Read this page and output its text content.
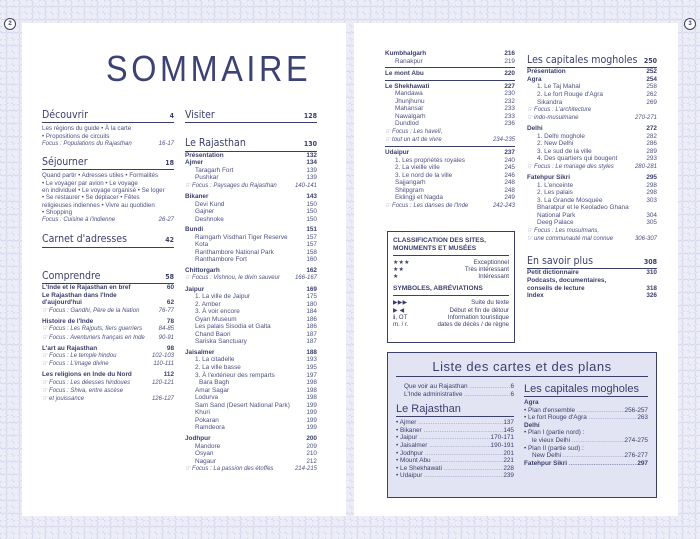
2	3
SOMMAIRE
Découvrir	4
Les régions du guide • À la carte
• Propositions de circuits
Focus : Populations du Rajasthan	16-17
Séjourner	18
Quand partir • Adresses utiles • Formalités
• Le voyager par avion • Le voyage
en individuel • Le voyage organisé • Se loger
• Se restaurer • Se déplacer • Fêtes
religieuses indiennes • Vivre au quotidien
• Shopping
Focus : Cuisine à l'indienne	26-27
Carnet d'adresses	42
Comprendre	58
L'Inde et le Rajasthan en bref	60
Le Rajasthan dans l'Inde
d'aujourd'hui	62
☞ Focus : Gandhi, Père de la Nation	76-77
Histoire de l'Inde	78
☞ Focus : Les Rajputs, fiers guerriers	84-85
☞ Focus : Aventuriers français en Inde 90-91
L'art au Rajasthan	98
☞ Focus : Le temple hindou	102-103
☞ Focus : L'image divine	110-111
Les religions en Inde du Nord	112
☞ Focus : Les déesses hindoues	120-121
☞ Focus : Shiva, entre ascèse
☞ et jouissance	126-127
Visiter	128
Le Rajasthan	130
Présentation	132
Ajmer	134
Taragarh Fort	139
Pushkar	139
☞ Focus : Paysages du Rajasthan	140-141
Bikaner	143
Devi Kund	150
Gajner	150
Deshnoke	150
Bundi	151
Ramgarh Visdhari Tiger Reserve	157
Kota	157
Ranthambore National Park	158
Ranthambore Fort	160
Chittorgarh	162
☞ Focus : Vishnou, le divin sauveur 166-167
Jaipur	169
1. La ville de Jaipur	175
2. Amber	180
3. À voir encore	184
Gyan Museum	186
Les palais Sisodia et Galta	186
Chand Baori	187
Sariska Sanctuary	187
Jaisalmer	188
1. La citadelle	193
2. La ville basse	195
3. À l'extérieur des remparts	197
Bara Bagh	198
Amar Sagar	198
Lodurva	198
Sam Sand (Desert National Park)	199
Khuri	199
Pokaran	199
Ramdeora	199
Jodhpur	200
Mandore	209
Osyan	210
Nagaur	212
☞ Focus : La passion des étoffes	214-215
Kumbhalgarh	216
Ranakpur	219
Le mont Abu	220
Le Shekhawati	227
Mandawa	230
Jhunjhunu	232
Mahansar	233
Nawalgarh	233
Dundlod	236
☞ Focus : Les havelî,
☞ tout un art de vivre	234-235
Udaipur	237
1. Les propriétés royales	240
2. La vieille ville	245
3. Le nord de la ville	246
Sajjangarh	248
Shilpgram	248
Eklingji et Nagda	249
☞ Focus : Les danses de l'Inde	242-243
CLASSIFICATION DES SITES, MONUMENTS ET MUSÉES
★★★	Exceptionnel
★★	Très intéressant
★	Intéressant
SYMBOLES, ABRÉVIATIONS
▶▶▶	Suite du texte
▶ ◀	Début et fin de détour
ℹ, OT	Information touristique
m. / r.	dates de décès / de règne
Les capitales mogholes 250
Présentation	252
Agra	254
1. Le Taj Mahal	258
2. Le fort Rouge d'Agra	262
Sikandra	269
☞ Focus : L'architecture
☞ indo-musulmane	270-271
Delhi	272
1. Delhi moghole	282
2. New Delhi	286
3. Le sud de la ville	289
4. Des quartiers qui bougent	293
☞ Focus : Le mariage des styles	280-281
Fatehpur Sikri	295
1. L'enceinte	298
2. Les palais	298
3. La Grande Mosquée	303
Bharatpur et le Keoladeo Ghana
National Park	304
Deeg Palace	305
☞ Focus : Les musulmans,
☞ une communauté mal connue	306-307
En savoir plus	308
Petit dictionnaire	310
Podcasts, documentaires,
conseils de lecture	318
Index	326
Liste des cartes et des plans
Que voir au Rajasthan .....	6
L'Inde administrative .....	6
Le Rajasthan
• Ajmer .....	137
• Bikaner .....	145
• Jaipur .....	170-171
• Jaisalmer .....	190-191
• Jodhpur .....	201
• Mount Abu .....	221
• Le Shekhawati .....	228
• Udaipur .....	239
Les capitales mogholes
Agra
• Plan d'ensemble .....	256-257
• Le fort Rouge d'Agra .....	263
Delhi
• Plan I (partie nord) :
le vieux Delhi .....	274-275
• Plan II (partie sud) :
New Delhi .....	276-277
Fatehpur Sikri .....	297
